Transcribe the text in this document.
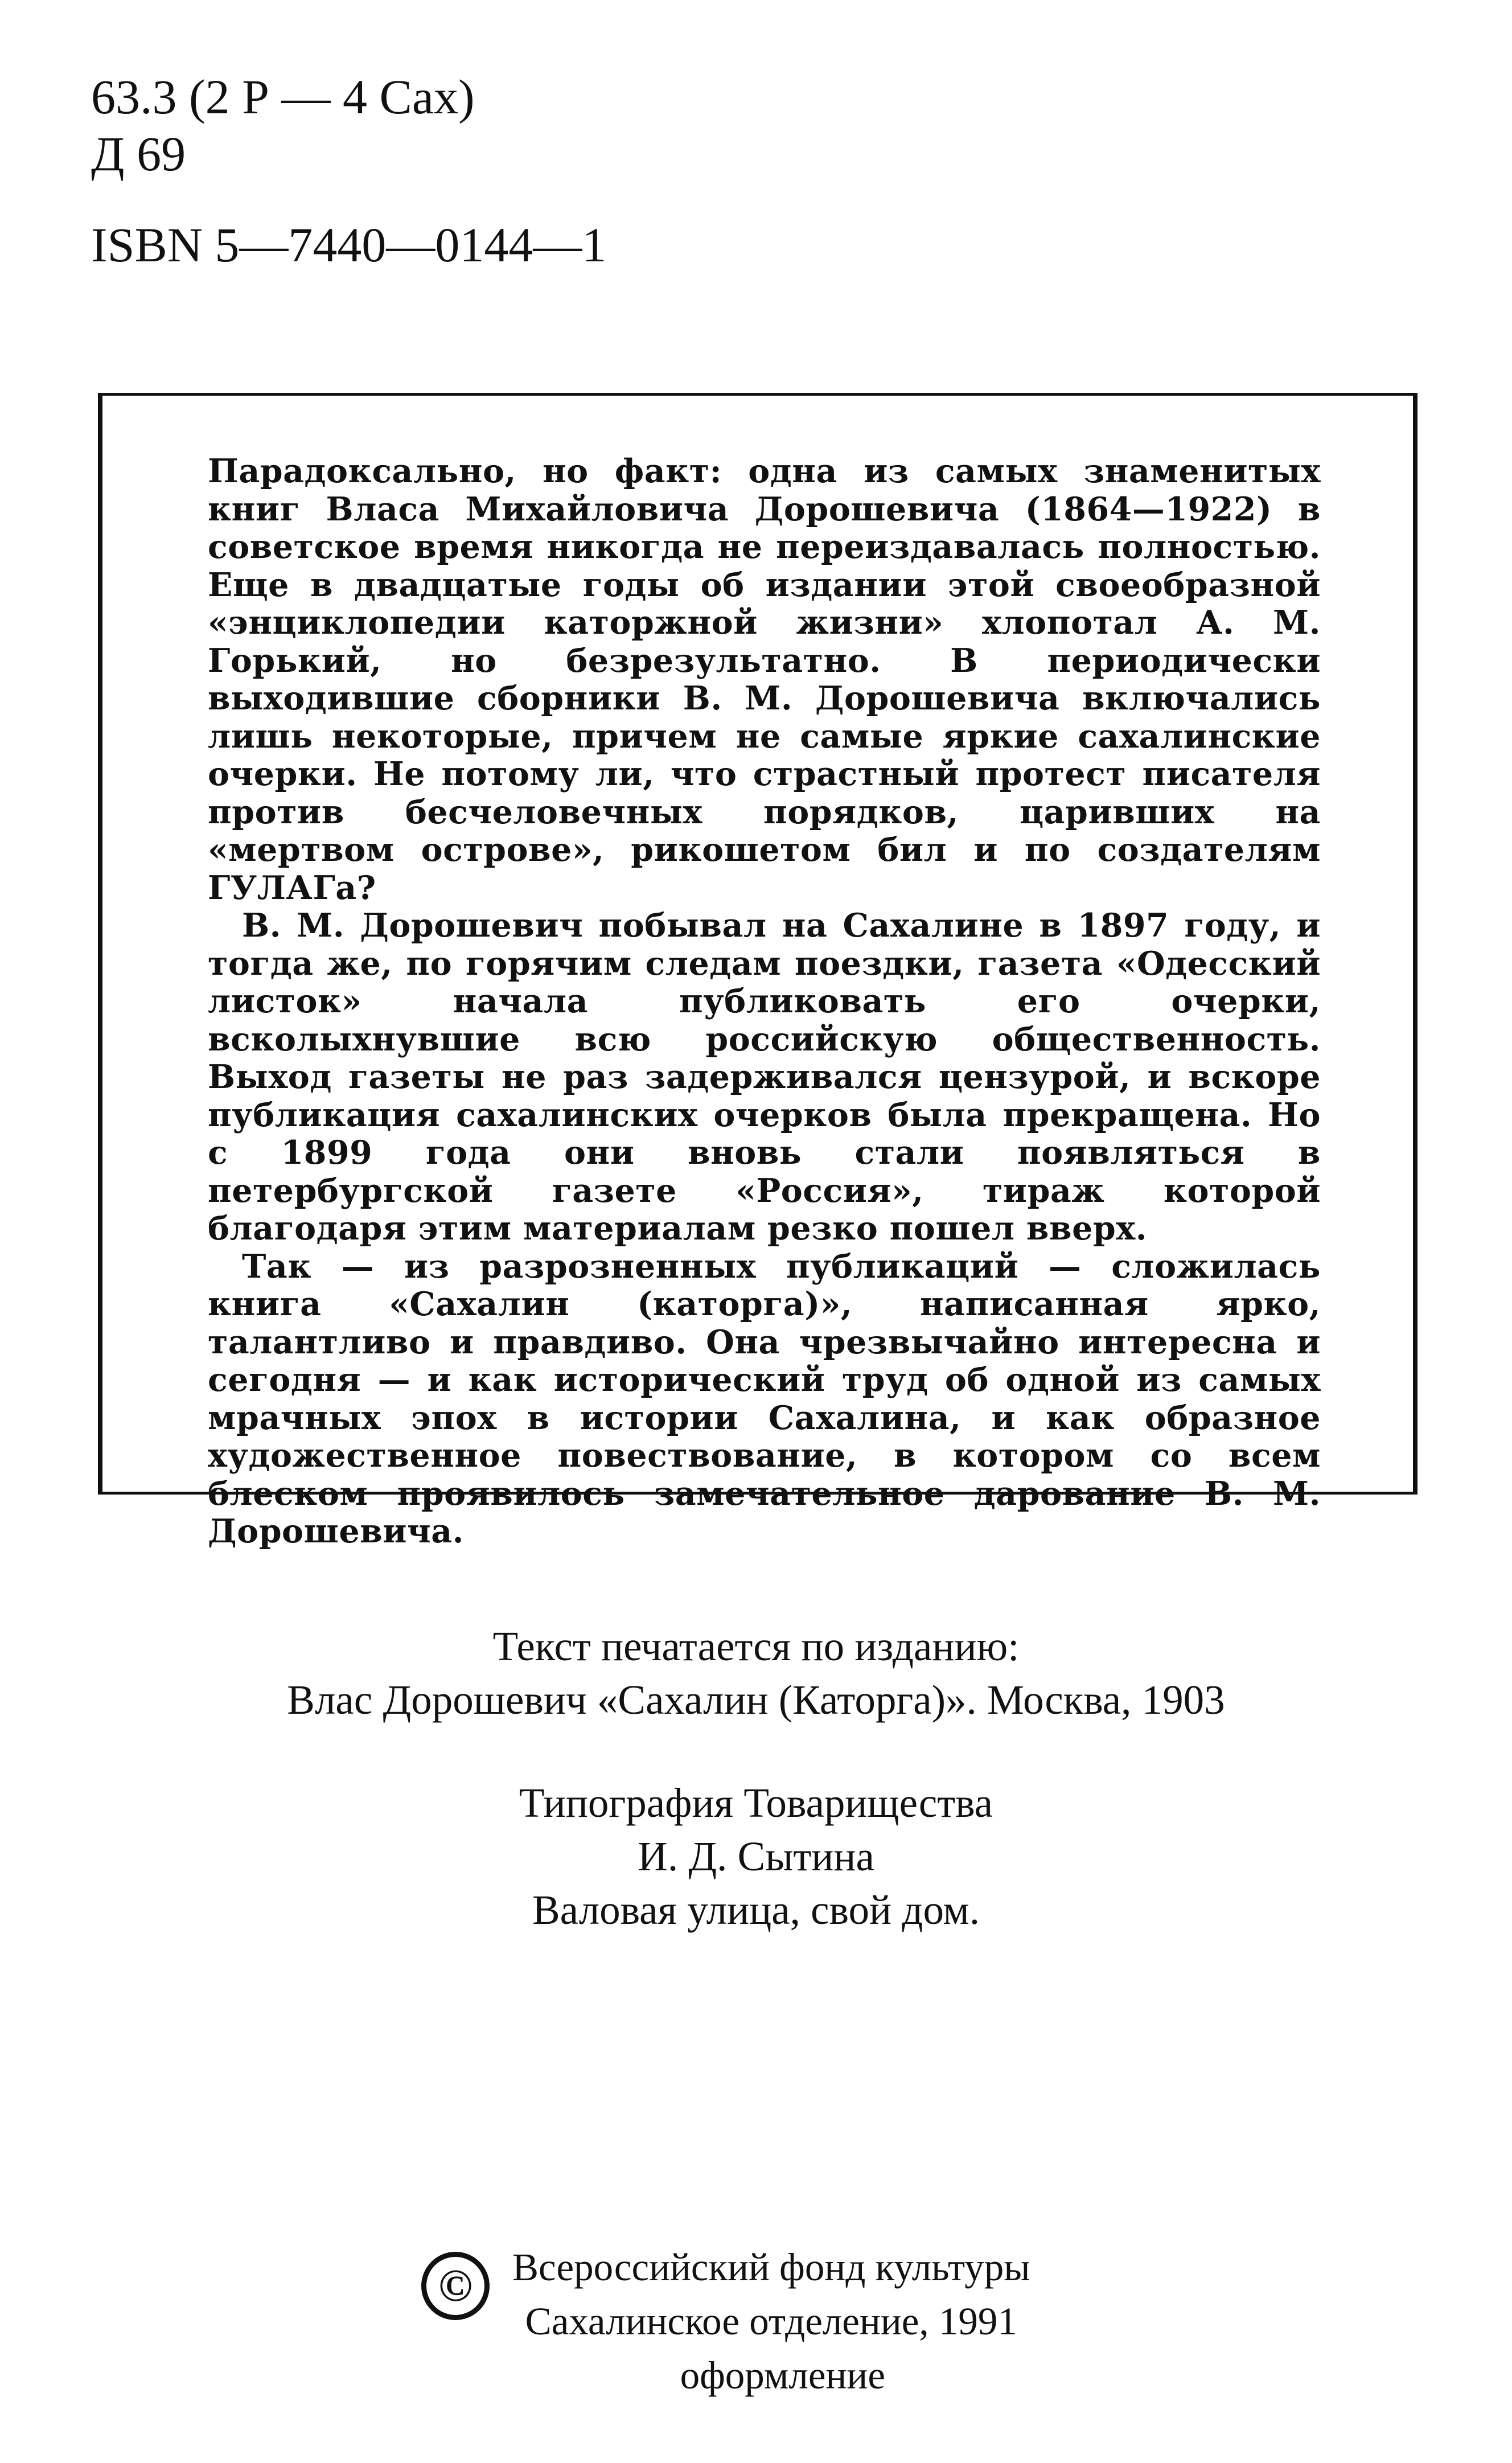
63.3 (2 Р — 4 Сах)
Д 69
ISBN 5—7440—0144—1

Парадоксально, но факт: одна из самых знаменитых книг Власа Михайловича Дорошевича (1864—1922) в советское время никогда не переиздавалась полностью. Еще в двадцатые годы об издании этой своеобразной «энциклопедии каторжной жизни» хлопотал А. М. Горький, но безрезультатно. В периодически выходившие сборники В. М. Дорошевича включались лишь некоторые, причем не самые яркие сахалинские очерки. Не потому ли, что страстный протест писателя против бесчеловечных порядков, царивших на «мертвом острове», рикошетом бил и по создателям ГУЛАГа?

В. М. Дорошевич побывал на Сахалине в 1897 году, и тогда же, по горячим следам поездки, газета «Одесский листок» начала публиковать его очерки, всколыхнувшие всю российскую общественность. Выход газеты не раз задерживался цензурой, и вскоре публикация сахалинских очерков была прекращена. Но с 1899 года они вновь стали появляться в петербургской газете «Россия», тираж которой благодаря этим материалам резко пошел вверх.

Так — из разрозненных публикаций — сложилась книга «Сахалин (каторга)», написанная ярко, талантливо и правдиво. Она чрезвычайно интересна и сегодня — и как исторический труд об одной из самых мрачных эпох в истории Сахалина, и как образное художественное повествование, в котором со всем блеском проявилось замечательное дарование В. М. Дорошевича.

Текст печатается по изданию:
Влас Дорошевич «Сахалин (Каторга)». Москва, 1903
Типография Товарищества
И. Д. Сытина
Валовая улица, свой дом.
©	Всероссийский фонд культуры
Сахалинское отделение, 1991
оформление
